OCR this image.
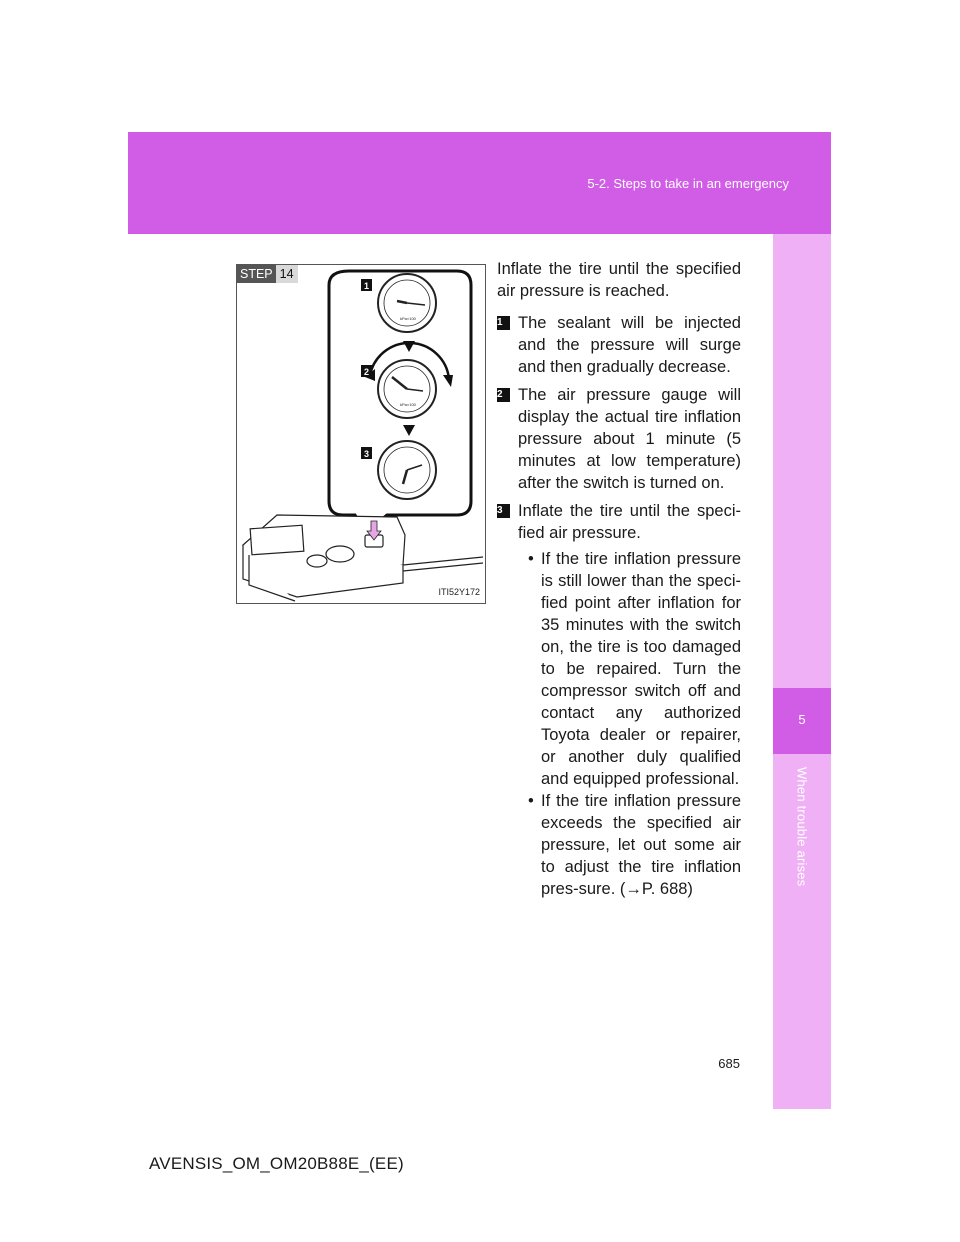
5-2. Steps to take in an emergency
5
When trouble arises
STEP 14
kPa×100
kPa×100
1
2
3
ITI52Y172

Inflate the tire until the specified air pressure is reached.

1 The sealant will be injected and the pressure will surge and then gradually decrease.
2 The air pressure gauge will display the actual tire inflation pressure about 1 minute (5 minutes at low temperature) after the switch is turned on.
3 Inflate the tire until the speci-fied air pressure.
• If the tire inflation pressure is still lower than the speci-fied point after inflation for 35 minutes with the switch on, the tire is too damaged to be repaired. Turn the compressor switch off and contact any authorized Toyota dealer or repairer, or another duly qualified and equipped professional.
• If the tire inflation pressure exceeds the specified air pressure, let out some air to adjust the tire inflation pres-sure. (→P. 688)
685
AVENSIS_OM_OM20B88E_(EE)
